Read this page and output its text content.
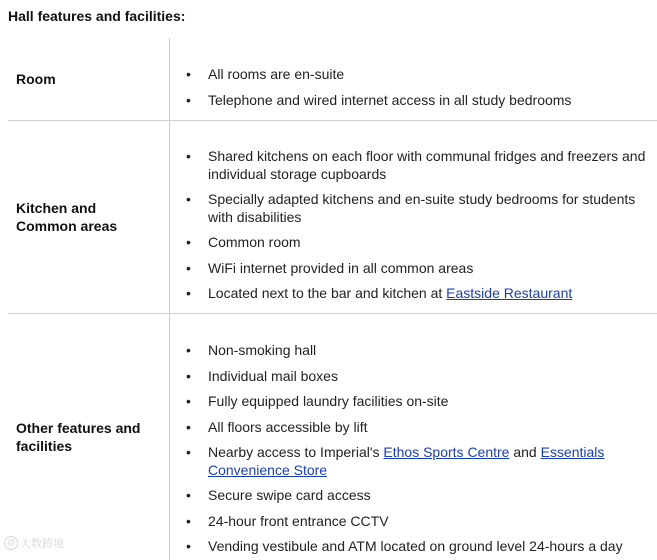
Hall features and facilities:
Room
•	All rooms are en-suite
• Telephone and wired internet access in all study bedrooms
Kitchen and
Common areas
• Shared kitchens on each floor with communal fridges and freezers and individual storage cupboards
• Specially adapted kitchens and en-suite study bedrooms for students with disabilities
• Common room
• WiFi internet provided in all common areas
• Located next to the bar and kitchen at Eastside Restaurant
Other features and
facilities
• Non-smoking hall
• Individual mail boxes
• Fully equipped laundry facilities on-site
• All floors accessible by lift
• Nearby access to Imperial's Ethos Sports Centre and Essentials Convenience Store
• Secure swipe card access
• 24-hour front entrance CCTV
• Vending vestibule and ATM located on ground level 24-hours a day
@ 大数跨境
